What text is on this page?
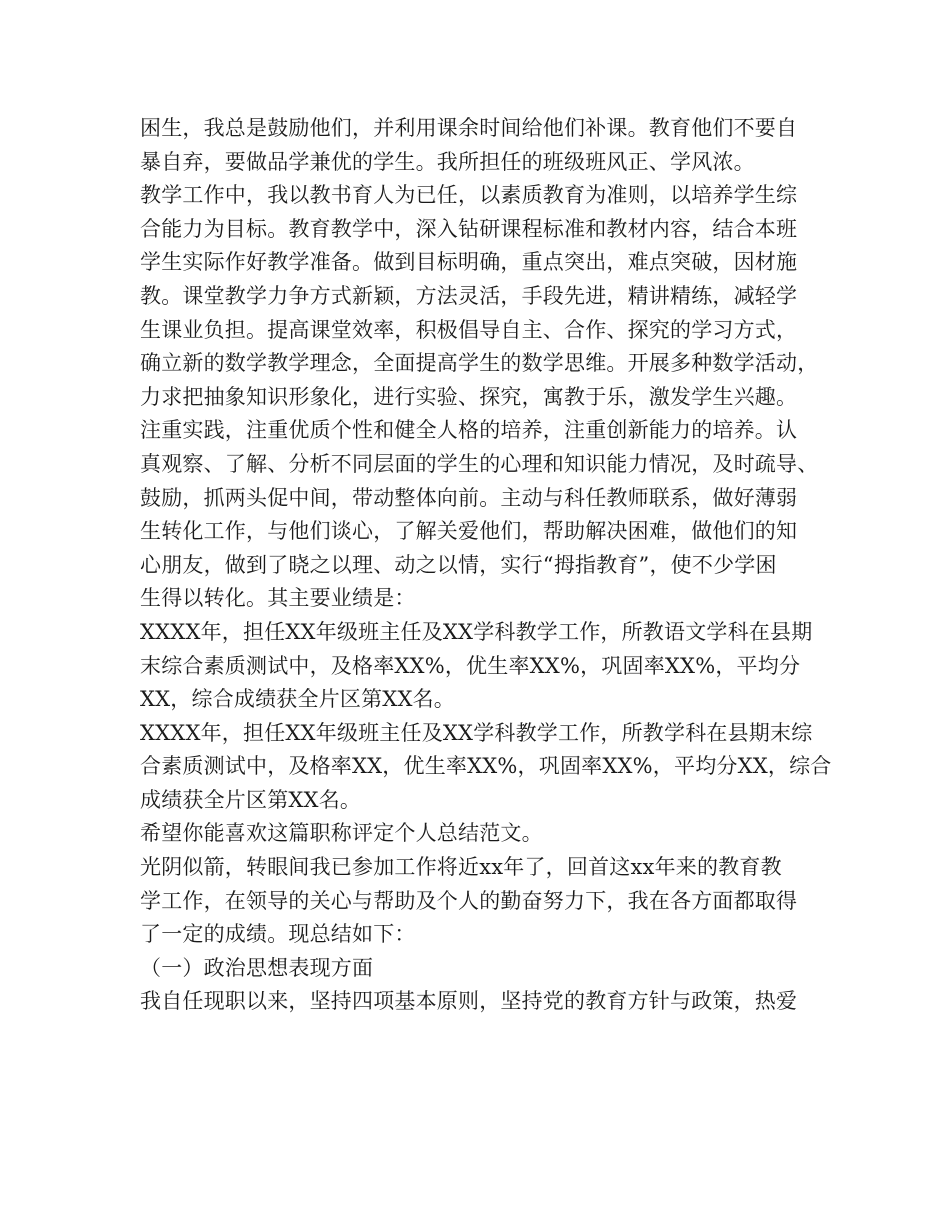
困生，我总是鼓励他们，并利用课余时间给他们补课。教育他们不要自
暴自弃，要做品学兼优的学生。我所担任的班级班风正、学风浓。
教学工作中，我以教书育人为已任，以素质教育为准则，以培养学生综
合能力为目标。教育教学中，深入钻研课程标准和教材内容，结合本班
学生实际作好教学准备。做到目标明确，重点突出，难点突破，因材施
教。课堂教学力争方式新颖，方法灵活，手段先进，精讲精练，减轻学
生课业负担。提高课堂效率，积极倡导自主、合作、探究的学习方式，
确立新的数学教学理念，全面提高学生的数学思维。开展多种数学活动，
力求把抽象知识形象化，进行实验、探究，寓教于乐，激发学生兴趣。
注重实践，注重优质个性和健全人格的培养，注重创新能力的培养。认
真观察、了解、分析不同层面的学生的心理和知识能力情况，及时疏导、
鼓励，抓两头促中间，带动整体向前。主动与科任教师联系，做好薄弱
生转化工作，与他们谈心，了解关爱他们，帮助解决困难，做他们的知
心朋友，做到了晓之以理、动之以情，实行“拇指教育”，使不少学困
生得以转化。其主要业绩是：
XXXX年，担任XX年级班主任及XX学科教学工作，所教语文学科在县期
末综合素质测试中，及格率XX%，优生率XX%，巩固率XX%，平均分
XX，综合成绩获全片区第XX名。
XXXX年，担任XX年级班主任及XX学科教学工作，所教学科在县期末综
合素质测试中，及格率XX，优生率XX%，巩固率XX%，平均分XX，综合
成绩获全片区第XX名。
希望你能喜欢这篇职称评定个人总结范文。
光阴似箭，转眼间我已参加工作将近xx年了，回首这xx年来的教育教
学工作，在领导的关心与帮助及个人的勤奋努力下，我在各方面都取得
了一定的成绩。现总结如下：
（一）政治思想表现方面
我自任现职以来，坚持四项基本原则，坚持党的教育方针与政策，热爱
